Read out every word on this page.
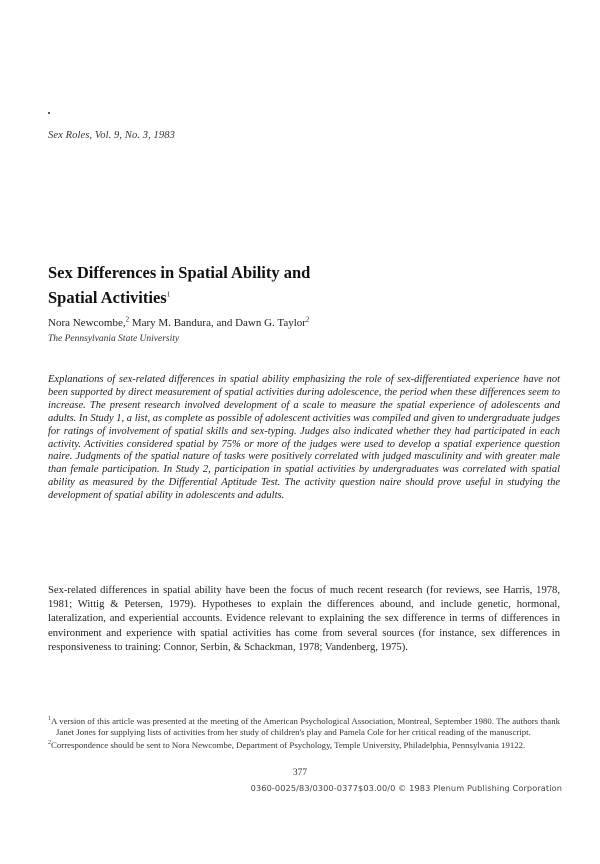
Sex Roles, Vol. 9, No. 3, 1983
Sex Differences in Spatial Ability and
Spatial Activities$^1$
Nora Newcombe,$^2$ Mary M. Bandura, and Dawn G. Taylor$^2$
The Pennsylvania State University
Explanations of sex-related differences in spatial ability emphasizing the role of sex-differentiated experience have not been supported by direct measurement of spatial activities during adolescence, the period when these differences seem to increase. The present research involved development of a scale to measure the spatial experience of adolescents and adults. In Study 1, a list, as complete as possible of adolescent activities was compiled and given to undergraduate judges for ratings of involvement of spatial skills and sex-typing. Judges also indicated whether they had participated in each activity. Activities considered spatial by 75% or more of the judges were used to develop a spatial experience question naire. Judgments of the spatial nature of tasks were positively correlated with judged masculinity and with greater male than female participation. In Study 2, participation in spatial activities by undergraduates was correlated with spatial ability as measured by the Differential Aptitude Test. The activity question naire should prove useful in studying the development of spatial ability in adolescents and adults.
Sex-related differences in spatial ability have been the focus of much recent research (for reviews, see Harris, 1978, 1981; Wittig & Petersen, 1979). Hypotheses to explain the differences abound, and include genetic, hormonal, lateralization, and experiential accounts. Evidence relevant to explaining the sex difference in terms of differences in environment and experience with spatial activities has come from several sources (for instance, sex differences in responsiveness to training: Connor, Serbin, & Schackman, 1978; Vandenberg, 1975).
$^1$A version of this article was presented at the meeting of the American Psychological Association, Montreal, September 1980. The authors thank Janet Jones for supplying lists of activities from her study of children's play and Pamela Cole for her critical reading of the manuscript.
$^2$Correspondence should be sent to Nora Newcombe, Department of Psychology, Temple University, Philadelphia, Pennsylvania 19122.
377
0360-0025/83/0300-0377$03.00/0 © 1983 Plenum Publishing Corporation
